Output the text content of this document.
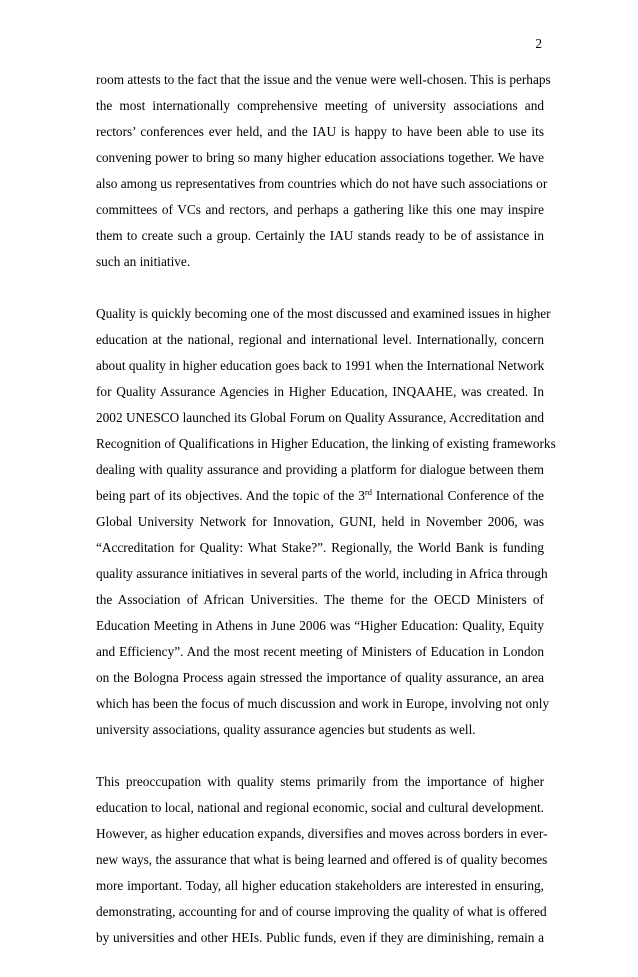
2
room attests to the fact that the issue and the venue were well-chosen. This is perhaps
the most internationally comprehensive meeting of university associations and
rectors’ conferences ever held, and the IAU is happy to have been able to use its
convening power to bring so many higher education associations together. We have
also among us representatives from countries which do not have such associations or
committees of VCs and rectors, and perhaps a gathering like this one may inspire
them to create such a group. Certainly the IAU stands ready to be of assistance in
such an initiative.
Quality is quickly becoming one of the most discussed and examined issues in higher
education at the national, regional and international level. Internationally, concern
about quality in higher education goes back to 1991 when the International Network
for Quality Assurance Agencies in Higher Education, INQAAHE, was created. In
2002 UNESCO launched its Global Forum on Quality Assurance, Accreditation and
Recognition of Qualifications in Higher Education, the linking of existing frameworks
dealing with quality assurance and providing a platform for dialogue between them
being part of its objectives. And the topic of the 3rd International Conference of the
Global University Network for Innovation, GUNI, held in November 2006, was
“Accreditation for Quality: What Stake?”. Regionally, the World Bank is funding
quality assurance initiatives in several parts of the world, including in Africa through
the Association of African Universities. The theme for the OECD Ministers of
Education Meeting in Athens in June 2006 was “Higher Education: Quality, Equity
and Efficiency”. And the most recent meeting of Ministers of Education in London
on the Bologna Process again stressed the importance of quality assurance, an area
which has been the focus of much discussion and work in Europe, involving not only
university associations, quality assurance agencies but students as well.
This preoccupation with quality stems primarily from the importance of higher
education to local, national and regional economic, social and cultural development.
However, as higher education expands, diversifies and moves across borders in ever-
new ways, the assurance that what is being learned and offered is of quality becomes
more important. Today, all higher education stakeholders are interested in ensuring,
demonstrating, accounting for and of course improving the quality of what is offered
by universities and other HEIs. Public funds, even if they are diminishing, remain a
